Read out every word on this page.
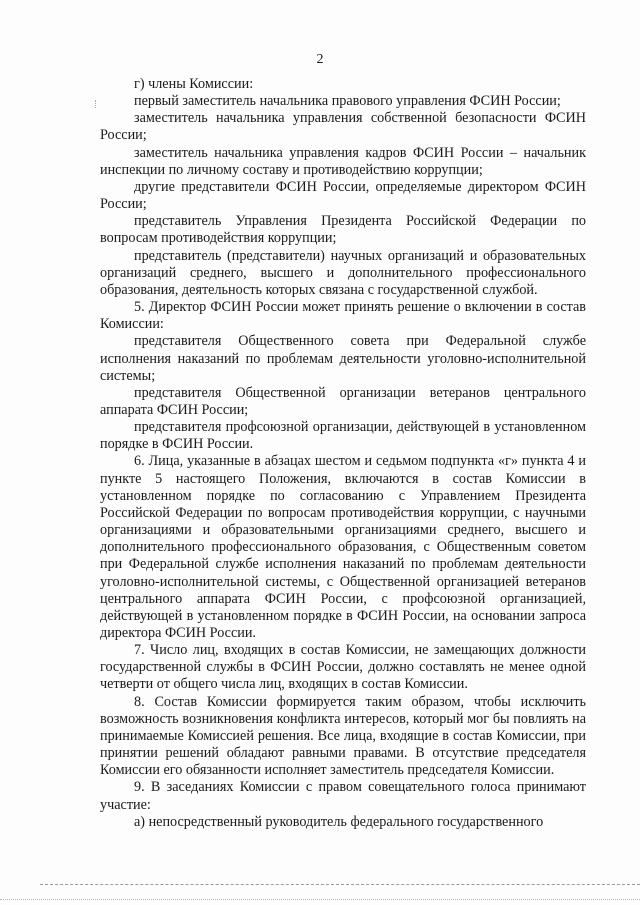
2

г) члены Комиссии:

первый заместитель начальника правового управления ФСИН России;

заместитель начальника управления собственной безопасности ФСИН России;

заместитель начальника управления кадров ФСИН России – начальник инспекции по личному составу и противодействию коррупции;

другие представители ФСИН России, определяемые директором ФСИН России;

представитель Управления Президента Российской Федерации по вопросам противодействия коррупции;

представитель (представители) научных организаций и образовательных организаций среднего, высшего и дополнительного профессионального образования, деятельность которых связана с государственной службой.

5. Директор ФСИН России может принять решение о включении в состав Комиссии:

представителя Общественного совета при Федеральной службе исполнения наказаний по проблемам деятельности уголовно-исполнительной системы;

представителя Общественной организации ветеранов центрального аппарата ФСИН России;

представителя профсоюзной организации, действующей в установленном порядке в ФСИН России.

6. Лица, указанные в абзацах шестом и седьмом подпункта «г» пункта 4 и пункте 5 настоящего Положения, включаются в состав Комиссии в установленном порядке по согласованию с Управлением Президента Российской Федерации по вопросам противодействия коррупции, с научными организациями и образовательными организациями среднего, высшего и дополнительного профессионального образования, с Общественным советом при Федеральной службе исполнения наказаний по проблемам деятельности уголовно-исполнительной системы, с Общественной организацией ветеранов центрального аппарата ФСИН России, с профсоюзной организацией, действующей в установленном порядке в ФСИН России, на основании запроса директора ФСИН России.

7. Число лиц, входящих в состав Комиссии, не замещающих должности государственной службы в ФСИН России, должно составлять не менее одной четверти от общего числа лиц, входящих в состав Комиссии.

8. Состав Комиссии формируется таким образом, чтобы исключить возможность возникновения конфликта интересов, который мог бы повлиять на принимаемые Комиссией решения. Все лица, входящие в состав Комиссии, при принятии решений обладают равными правами. В отсутствие председателя Комиссии его обязанности исполняет заместитель председателя Комиссии.

9. В заседаниях Комиссии с правом совещательного голоса принимают участие:

а) непосредственный руководитель федерального государственного
